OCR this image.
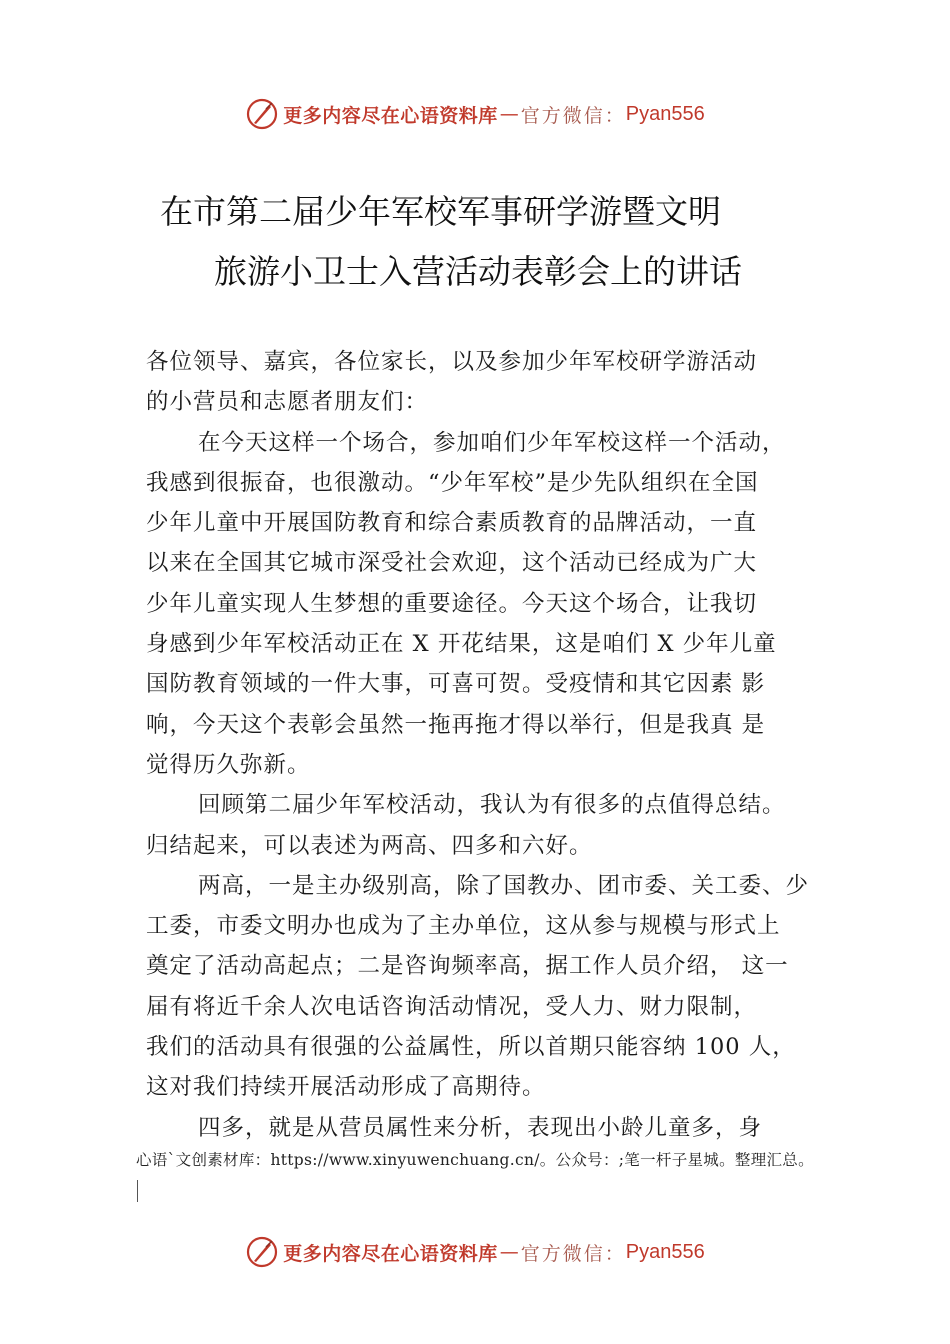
更多内容尽在心语资料库 — 官方微信： Pyan556
在市第二届少年军校军事研学游暨文明
旅游小卫士入营活动表彰会上的讲话
各位领导、嘉宾，各位家长，以及参加少年军校研学游活动
的小营员和志愿者朋友们：
在今天这样一个场合，参加咱们少年军校这样一个活动，
我感到很振奋，也很激动。“少年军校”是少先队组织在全国
少年儿童中开展国防教育和综合素质教育的品牌活动，一直
以来在全国其它城市深受社会欢迎，这个活动已经成为广大
少年儿童实现人生梦想的重要途径。今天这个场合，让我切
身感到少年军校活动正在 X 开花结果，这是咱们 X 少年儿童
国防教育领域的一件大事，可喜可贺。受疫情和其它因素 影
响，今天这个表彰会虽然一拖再拖才得以举行，但是我真 是
觉得历久弥新。
回顾第二届少年军校活动，我认为有很多的点值得总结。
归结起来，可以表述为两高、四多和六好。
两高，一是主办级别高，除了国教办、团市委、关工委、少
工委，市委文明办也成为了主办单位，这从参与规模与形式上
奠定了活动高起点；二是咨询频率高，据工作人员介绍， 这一
届有将近千余人次电话咨询活动情况，受人力、财力限制，
我们的活动具有很强的公益属性，所以首期只能容纳 100 人，
这对我们持续开展活动形成了高期待。
四多，就是从营员属性来分析，表现出小龄儿童多，身
心语`文创素材库：https://www.xinyuwenchuang.cn/。公众号：;笔一杆子星城。整理汇总。
更多内容尽在心语资料库 — 官方微信： Pyan556
